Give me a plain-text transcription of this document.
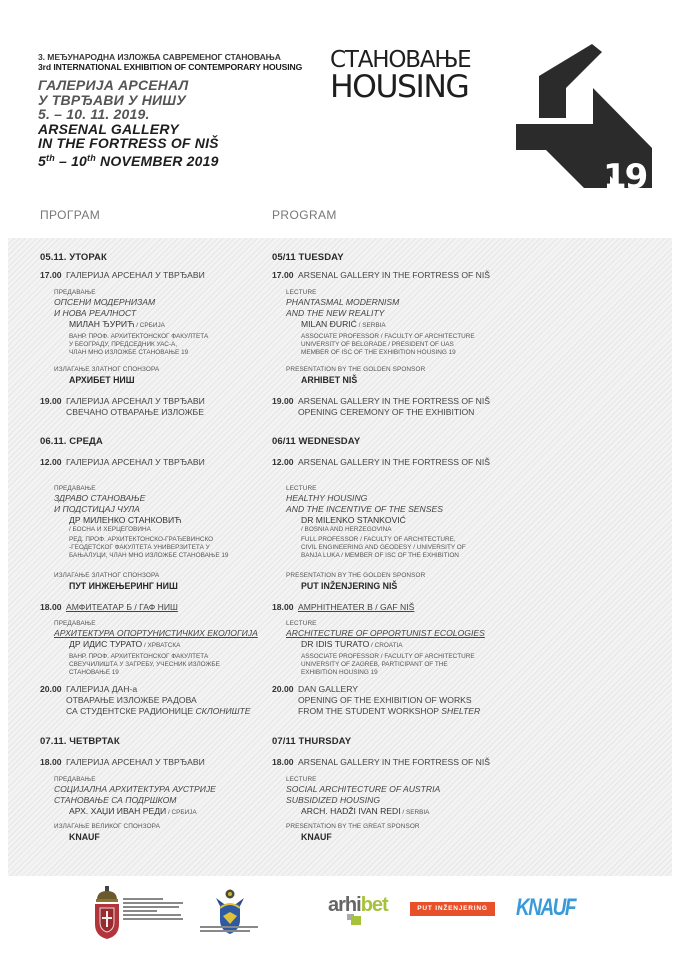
3. МЕЂУНАРОДНА ИЗЛОЖБА САВРЕМЕНОГ СТАНОВАЊА
3rd INTERNATIONAL EXHIBITION OF CONTEMPORARY HOUSING
ГАЛЕРИЈА АРСЕНАЛ
У ТВРЂАВИ У НИШУ
5. – 10. 11. 2019.
ARSENAL GALLERY
IN THE FORTRESS OF NIŠ
5th – 10th NOVEMBER 2019	19
СТАНОВАЊЕ
HOUSING
ПРОГРАМ	PROGRAM
05.11. УТОРАК
17.00 ГАЛЕРИЈА АРСЕНАЛ У ТВРЂАВИ
ПРЕДАВАЊЕ
ОПСЕНИ МОДЕРНИЗАМ
И НОВА РЕАЛНОСТ
МИЛАН ЂУРИЋ / СРБИЈА
ВАНР. ПРОФ. АРХИТЕКТОНСКОГ ФАКУЛТЕТА
У БЕОГРАДУ, ПРЕДСЕДНИК УАС-А,
ЧЛАН МНО ИЗЛОЖБЕ СТАНОВАЊЕ 19
ИЗЛАГАЊЕ ЗЛАТНОГ СПОНЗОРА
АРХИБЕТ НИШ
19.00 ГАЛЕРИЈА АРСЕНАЛ У ТВРЂАВИ
СВЕЧАНО ОТВАРАЊЕ ИЗЛОЖБЕ
06.11. СРЕДА
12.00 ГАЛЕРИЈА АРСЕНАЛ У ТВРЂАВИ
ПРЕДАВАЊЕ
ЗДРАВО СТАНОВАЊЕ
И ПОДСТИЦАЈ ЧУЛА
ДР МИЛЕНКО СТАНКОВИЋ
/ БОСНА И ХЕРЦЕГОВИНА
РЕД. ПРОФ. АРХИТЕКТОНСКО-ГРАЂЕВИНСКО
-ГЕОДЕТСКОГ ФАКУЛТЕТА УНИВЕРЗИТЕТА У
БАЊАЛУЦИ, ЧЛАН МНО ИЗЛОЖБЕ СТАНОВАЊЕ 19
ИЗЛАГАЊЕ ЗЛАТНОГ СПОНЗОРА
ПУТ ИНЖЕЊЕРИНГ НИШ
18.00 АМФИТЕАТАР Б / ГАФ НИШ
ПРЕДАВАЊЕ
АРХИТЕКТУРА ОПОРТУНИСТИЧКИХ ЕКОЛОГИЈА
ДР ИДИС ТУРАТО / ХРВАТСКА
ВАНР. ПРОФ. АРХИТЕКТОНСКОГ ФАКУЛТЕТА
СВЕУЧИЛИШТА У ЗАГРЕБУ, УЧЕСНИК ИЗЛОЖБЕ
СТАНОВАЊЕ 19
20.00 ГАЛЕРИЈА ДАН-а
ОТВАРАЊЕ ИЗЛОЖБЕ РАДОВА
СА СТУДЕНТСКЕ РАДИОНИЦЕ СКЛОНИШТЕ
07.11. ЧЕТВРТАК
18.00 ГАЛЕРИЈА АРСЕНАЛ У ТВРЂАВИ
ПРЕДАВАЊЕ
СОЦИЈАЛНА АРХИТЕКТУРА АУСТРИЈЕ
СТАНОВАЊЕ СА ПОДРШКОМ
АРХ. ХАЏИ ИВАН РЕДИ / СРБИЈА
ИЗЛАГАЊЕ ВЕЛИКОГ СПОНЗОРА
KNAUF
05/11 TUESDAY
17.00 ARSENAL GALLERY IN THE FORTRESS OF NIŠ
LECTURE
PHANTASMAL MODERNISM
AND THE NEW REALITY
MILAN ĐURIĆ / SERBIA
ASSOCIATE PROFESSOR / FACULTY OF ARCHITECTURE
UNIVERSITY OF BELGRADE / PRESIDENT OF UAS
MEMBER OF ISC OF THE EXHIBITION HOUSING 19
PRESENTATION BY THE GOLDEN SPONSOR
ARHIBET NIŠ
19.00 ARSENAL GALLERY IN THE FORTRESS OF NIŠ
OPENING CEREMONY OF THE EXHIBITION
06/11 WEDNESDAY
12.00 ARSENAL GALLERY IN THE FORTRESS OF NIŠ
LECTURE
HEALTHY HOUSING
AND THE INCENTIVE OF THE SENSES
DR MILENKO STANKOVIĆ
/ BOSNIA AND HERZEGOVINA
FULL PROFESSOR / FACULTY OF ARCHITECTURE,
CIVIL ENGINEERING AND GEODESY / UNIVERSITY OF
BANJA LUKA / MEMBER OF ISC OF THE EXHIBITION
PRESENTATION BY THE GOLDEN SPONSOR
PUT INŽENJERING NIŠ
18.00 AMPHITHEATER B / GAF NIŠ
LECTURE
ARCHITECTURE OF OPPORTUNIST ECOLOGIES
DR IDIS TURATO / CROATIA
ASSOCIATE PROFESSOR / FACULTY OF ARCHITECTURE
UNIVERSITY OF ZAGREB, PARTICIPANT OF THE
EXHIBITION HOUSING 19
20.00 DAN GALLERY
OPENING OF THE EXHIBITION OF WORKS
FROM THE STUDENT WORKSHOP SHELTER
07/11 THURSDAY
18.00 ARSENAL GALLERY IN THE FORTRESS OF NIŠ
LECTURE
SOCIAL ARCHITECTURE OF AUSTRIA
SUBSIDIZED HOUSING
ARCH. HADŽI IVAN REDI / SERBIA
PRESENTATION BY THE GREAT SPONSOR
KNAUF
arhibet	PUT INŽENJERING	KNAUF
